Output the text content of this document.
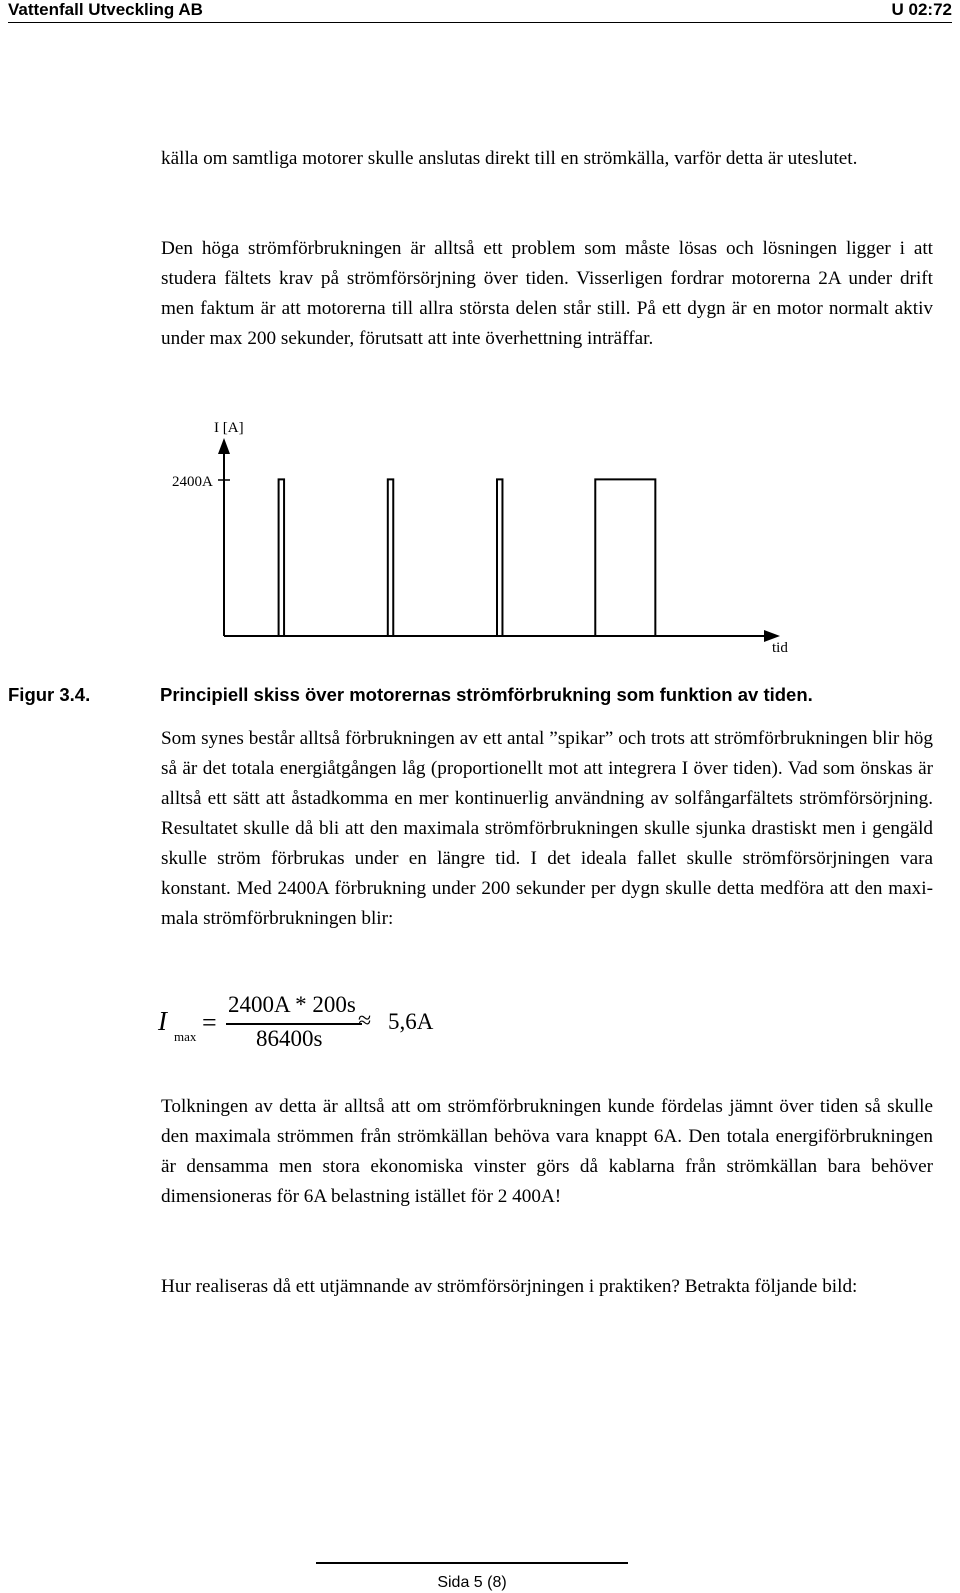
Vattenfall Utveckling AB	U 02:72

källa om samtliga motorer skulle anslutas direkt till en strömkälla, varför detta är uteslutet.

Den höga strömförbrukningen är alltså ett problem som måste lösas och lösningen ligger i att studera fältets krav på strömförsörjning över tiden. Visserligen fordrar motorerna 2A under drift men faktum är att motorerna till allra största delen står still. På ett dygn är en motor normalt aktiv under max 200 sekunder, förutsatt att inte överhettning inträffar.

I [A]
2400A
tid
Figur 3.4.	Principiell skiss över motorernas strömförbrukning som funktion av tiden.

Som synes består alltså förbrukningen av ett antal ”spikar” och trots att strömförbrukningen blir hög så är det totala energiåtgången låg (proportionellt mot att integrera I över tiden). Vad som önskas är alltså ett sätt att åstadkomma en mer kontinuerlig användning av solfångarfältets strömförsörjning. Resultatet skulle då bli att den maximala strömförbrukningen skulle sjunka drastiskt men i gengäld skulle ström förbrukas under en längre tid. I det ideala fallet skulle strömförsörjningen vara konstant. Med 2400A förbrukning under 200 sekunder per dygn skulle detta medföra att den maximala strömförbrukningen blir:

I
max =
2400A * 200s
86400s
≈ 5,6A

Tolkningen av detta är alltså att om strömförbrukningen kunde fördelas jämnt över tiden så skulle den maximala strömmen från strömkällan behöva vara knappt 6A. Den totala energiförbrukningen är densamma men stora ekonomiska vinster görs då kablarna från strömkällan bara behöver dimensioneras för 6A belastning istället för 2 400A!

Hur realiseras då ett utjämnande av strömförsörjningen i praktiken? Betrakta följande bild:

Sida 5 (8)
